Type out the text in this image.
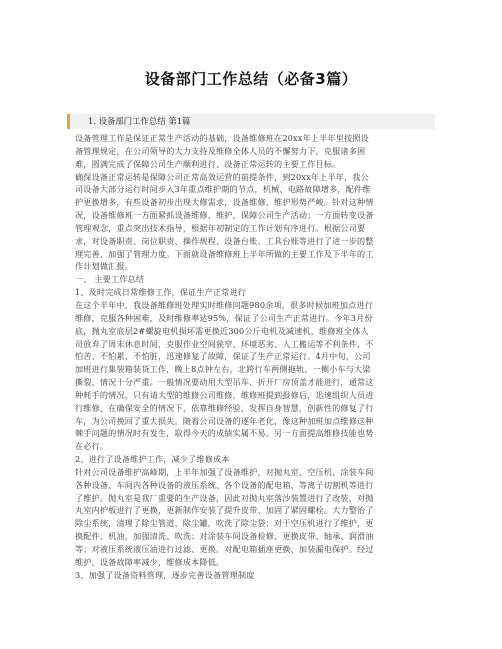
设备部门工作总结（必备3篇）
1. 设备部门工作总结 第1篇
设备管理工作是保证正常生产活动的基础，设备维修班在20xx年上半年里按照设
备管理规定，在公司领导的大力支持及维修全体人员的不懈努力下，克服诸多困
难，圆满完成了保障公司生产顺利进行、设备正常运转的主要工作目标。
确保设备正常运转是保障公司正常高效运营的前提条件，到20xx年上半年，我公
司设备大部分运行时间步入3年重点维护期的节点，机械、电路故障增多，配件维
护更换增多，有些设备初步出现大修需求，设备维修、维护形势严峻。针对这种情
况，设备维修班一方面紧抓设备维修、维护，保障公司生产活动；一方面转变设备
管理观念，重点突出技术指导，根据年初制定的工作计划有序进行。根据公司要
求，对设备职责、岗位职责、操作规程、设备台账、工具台账等进行了进一步的整
理完善，加强了管理力度。下面就设备维修班上半年所做的主要工作及下半年的工
作计划做汇报。
一、 主要工作总结
1、及时完成日常维修工作，保证生产正常进行
在这个半年中，我设备维修班处理实时维修问题980余项，很多时候加班加点进行
维修，克服各种困难，及时维修率达95%，保证了公司生产正常进行。今年3月份
底，抛丸室底层2#螺旋电机损坏需更换近300公斤电机及减速机，维修班全体人
员放弃了周末休息时间，克服作业空间狭窄、环境恶劣、人工搬运等不利条件，不
怕苦、不怕累、不怕脏，迅速修复了故障，保证了生产正常运行。4月中旬，公司
加班进行集装箱装货工作，晚上8点钟左右，北跨行车两侧拖轨、一侧小车与大梁
撕裂，情况十分严重。一般情况要动用大型吊车、折开厂房顶盖才能进行，通常这
种耗手的情况，只有请大型的维修公司维修，维修班提到报修后，迅速组织人员进
行维修，在确保安全的情况下，依靠维修经验，发挥自身智慧，创新性的修复了行
车，为公司挽回了重大损失。随着公司设备的逐年老化，像这种加班加点维修这种
棘手问题的情况时有发生，取得今天的成绩实属不易。另一方面提高维修技能也势
在必行。
2、进行了设备维护工作，减少了维修成本
针对公司设备维护高峰期，上半年加强了设备维护，对抛丸室、空压机、涂装车间
各种设备、车间内各种设备的液压系统、各个设备的配电箱、等离子切割机等进行
了维护。抛丸室是我厂重要的生产设备，因此对抛丸室落沙装置进行了改装，对抛
丸室内护板进行了更换，更新制作安装了提升皮带、加固了紧固螺栓。大力整治了
除尘系统，清理了除尘管道、除尘罐，吹洗了除尘袋；对于空压机进行了维护，更
换配件、机油，加强清洗、吹洗；对涂装车间设备检修、更换皮带、轴承、润滑油
等；对液压系统液压油进行过滤、更换。对配电箱插座更换、加装漏电保护。经过
维护，设备故障率减少，维修成本降低。
3、加强了设备资料管理，逐步完善设备管理制度
